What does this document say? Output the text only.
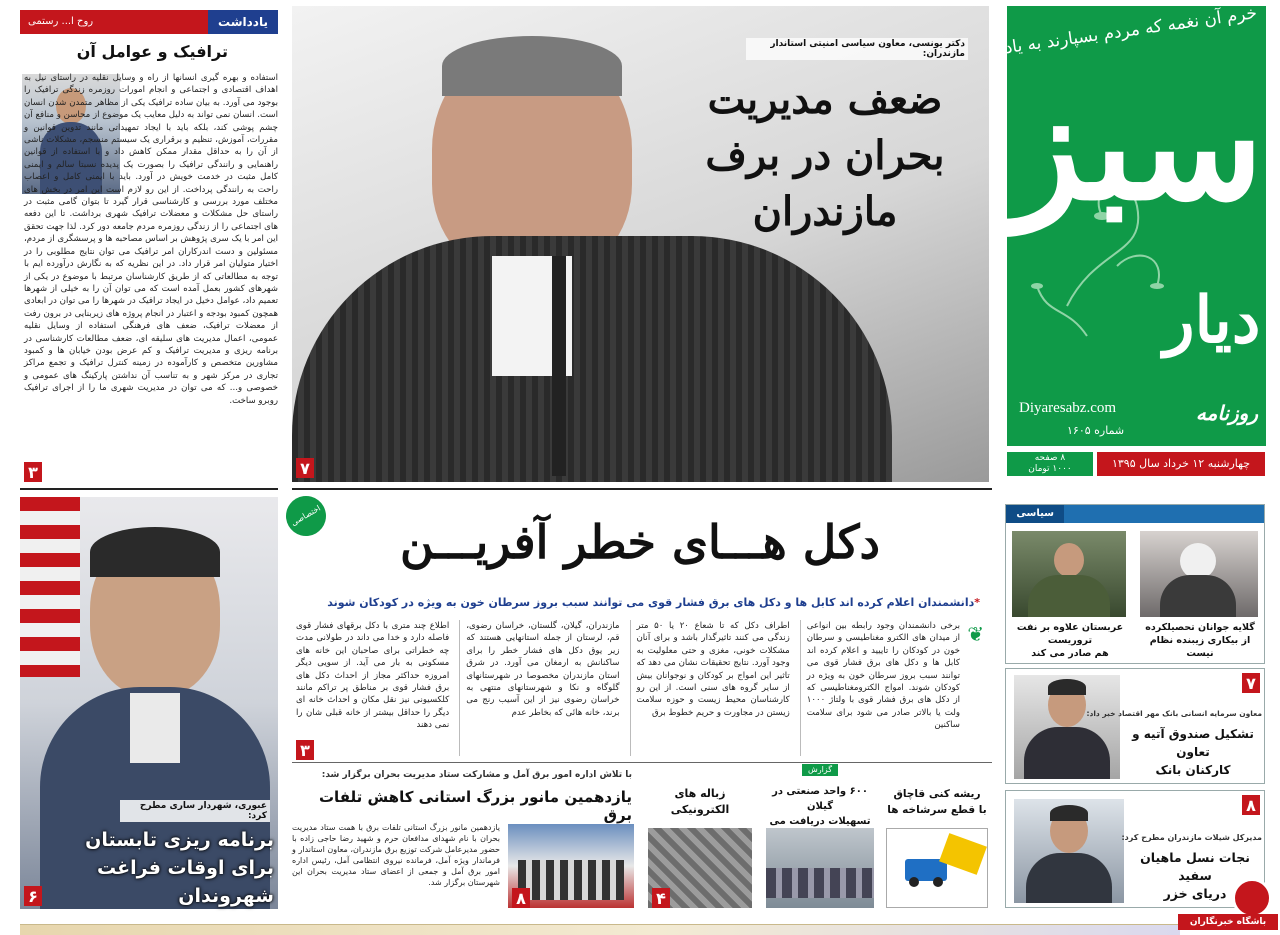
خرم آن نغمه که مردم بسپارند به یاد
سبز
دیار
روزنامه
Diyaresabz.com
شماره ۱۶۰۵
چهارشنبه ۱۲ خرداد سال ۱۳۹۵
۸ صفحه
۱۰۰۰ تومان
یادداشت
روح ا... رستمی
ترافیک و عوامل آن
استفاده و بهره گیری انسانها از راه و وسایل نقلیه در راستای نیل به اهداف اقتصادی و اجتماعی و انجام امورات روزمره زندگی ترافیک را بوجود می آورد. به بیان ساده ترافیک یکی از مظاهر متمدن شدن انسان است. انسان نمی تواند به دلیل معایب یک موضوع از محاسن و منافع آن چشم پوشی کند، بلکه باید با ایجاد تمهیداتی مانند تدوین قوانین و مقررات، آموزش، تنظیم و برقراری یک سیستم منسجم، مشکلات ناشی از آن را به حداقل مقدار ممکن کاهش داد و با استفاده از قوانین راهنمایی و رانندگی ترافیک را بصورت یک پدیده نسبتا سالم و ایمنی کامل مثبت در خدمت خویش در آورد. باید با ایمنی کامل و اعصاب راحت به رانندگی پرداخت. از این رو لازم است این امر در بخش های مختلف مورد بررسی و کارشناسی قرار گیرد تا بتوان گامی مثبت در راستای حل مشکلات و معضلات ترافیک شهری برداشت. تا این دفعه های اجتماعی را از زندگی روزمره مردم جامعه دور کرد. لذا جهت تحقق این امر با یک سری پژوهش بر اساس مصاحبه ها و پرسشگری از مردم، مسئولین و دست اندرکاران امر ترافیک می توان نتایج مطلوبی را در اختیار متولیان امر قرار داد. در این نظریه که به نگارش درآورده ایم با توجه به مطالعاتی که از طریق کارشناسان مرتبط با موضوع در یکی از شهرهای کشور بعمل آمده است که می توان آن را به خیلی از شهرها تعمیم داد، عوامل دخیل در ایجاد ترافیک در شهرها را می توان در ابعادی همچون کمبود بودجه و اعتبار در انجام پروژه های زیربنایی در برون رفت از معضلات ترافیک، ضعف های فرهنگی استفاده از وسایل نقلیه عمومی، اعمال مدیریت های سلیقه ای، ضعف مطالعات کارشناسی در برنامه ریزی و مدیریت ترافیک و کم عرض بودن خیابان ها و کمبود مشاورین متخصص و کارآموده در زمینه کنترل ترافیک و تجمع مراکز تجاری در مرکز شهر و به تناسب آن نداشتن پارکینگ های عمومی و خصوصی و... که می توان در مدیریت شهری ما را از اجرای ترافیک روبرو ساخت.
۳
دکتر یونسی، معاون سیاسی امنیتی استاندار مازندران:
ضعف مدیریت
بحران در برف
مازندران
۷
اختصاصی	دکل هـــای خطر آفریـــن
*دانشمندان اعلام کرده اند کابل ها و دکل های برق فشار قوی می توانند سبب بروز سرطان خون به ویژه در کودکان شوند
❦
برخی دانشمندان وجود رابطه بین انواعی از میدان های الکترو مغناطیسی و سرطان خون در کودکان را تاییید و اعلام کرده اند کابل ها و دکل های برق فشار قوی می توانند سبب بروز سرطان خون به ویژه در کودکان شوند. امواج الکترومغناطیسی که از دکل های برق فشار قوی با ولتاژ ۱۰۰۰ ولت یا بالاتر صادر می شود برای سلامت ساکنین
اطراف دکل که تا شعاع ۲۰ یا ۵۰ متر زندگی می کنند تاثیرگذار باشد و برای آنان مشکلات خونی، مغزی و حتی معلولیت به وجود آورد. نتایج تحقیقات نشان می دهد که تاثیر این امواج بر کودکان و نوجوانان بیش از سایر گروه های سنی است. از این رو کارشناسان محیط زیست و حوزه سلامت زیستن در مجاورت و حریم خطوط برق
مازندران، گیلان، گلستان، خراسان رضوی، قم، لرستان از جمله استانهایی هستند که زیر یوق دکل های فشار خطر را برای ساکنانش به ارمغان می آورد. در شرق استان مازندران مخصوصا در شهرستانهای گلوگاه و نکا و شهرستانهای منتهی به خراسان رضوی نیز از این آسیب رنج می برند، خانه هائی که بخاطر عدم
اطلاع چند متری با دکل برقهای فشار قوی فاصله دارد و خدا می داند در طولانی مدت چه خطراتی برای صاحبان این خانه های مسکونی به بار می آید. از سویی دیگر امروزه حداکثر مجاز از احداث دکل های برق فشار قوی بر مناطق پر تراکم مانند کلکسیونی نیز نقل مکان و احداث خانه ای دیگر را حداقل بیشتر از خانه قبلی شان را نمی دهند
۳
عبوری، شهردار ساری مطرح کرد:
برنامه ریزی تابستان
برای اوقات فراغت شهروندان
۶
با تلاش اداره امور برق آمل و مشارکت ستاد مدیریت بحران برگزار شد:
یازدهمین مانور بزرگ استانی کاهش تلفات برق
یازدهمین مانور بزرگ استانی تلفات برق با همت ستاد مدیریت بحران با نام شهدای مدافعان حرم و شهید رضا حاجی زاده با حضور مدیرعامل شرکت توزیع برق مازندران، معاون استاندار و فرماندار ویژه آمل، فرمانده نیروی انتظامی آمل، رئیس اداره امور برق آمل و جمعی از اعضای ستاد مدیریت بحران این شهرستان برگزار شد.
۸
زباله های
الکترونیکی
۴
گزارش
۶۰۰ واحد صنعتی در گیلان
تسهیلات دریافت می
ریشه کنی قاچاق
با قطع سرشاخه ها
سیاسی
گلایه جوانان تحصیلکرده
از بیکاری زیبنده نظام نیست
عربستان علاوه بر نفت تروریست
هم صادر می کند
۷
معاون سرمایه انسانی بانک مهر اقتصاد خبر داد:
تشکیل صندوق آتیه و تعاون
کارکنان بانک
۸
مدیرکل شیلات مازندران مطرح کرد:
نجات نسل ماهیان سفید
دریای خزر
باشگاه خبرنگاران
